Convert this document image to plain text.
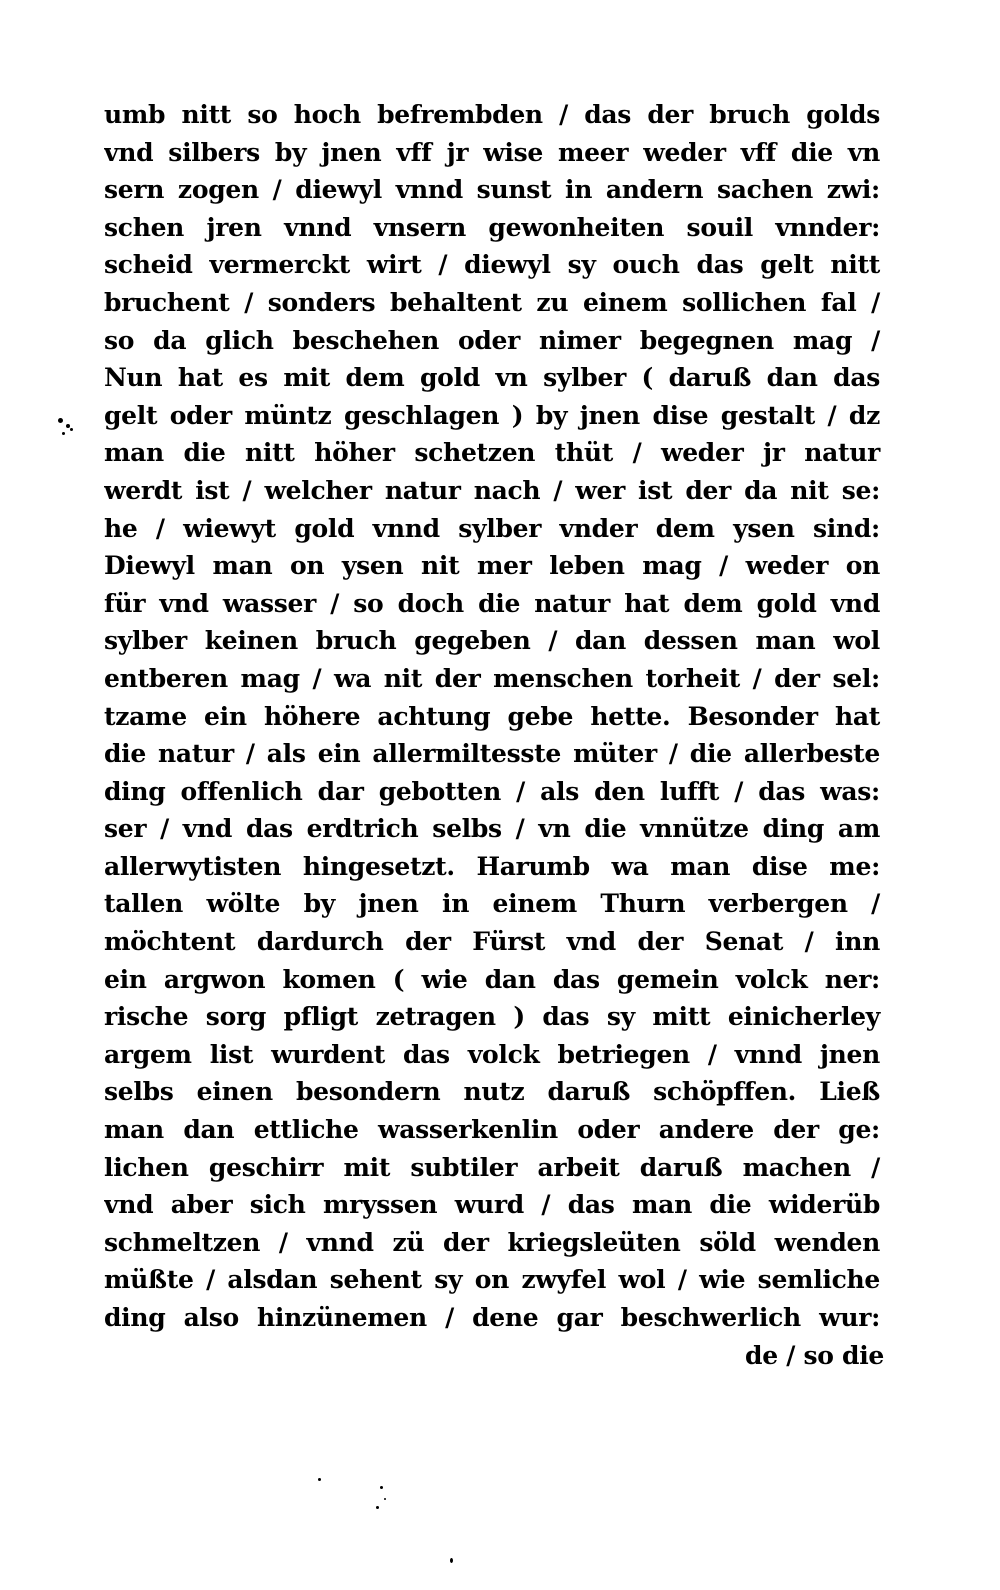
umb nitt so hoch befrembden / das der bruch golds
vnd silbers by jnen vff jr wise meer weder vff die vn
sern zogen / diewyl vnnd sunst in andern sachen zwi:
schen jren vnnd vnsern gewonheiten souil vnnder:
scheid vermerckt wirt / diewyl sy ouch das gelt nitt
bruchent / sonders behaltent zu einem sollichen fal /
so da glich beschehen oder nimer begegnen mag /
Nun hat es mit dem gold vn sylber ( daruß dan das
gelt oder müntz geschlagen ) by jnen dise gestalt / dz
man die nitt höher schetzen thüt / weder jr natur
werdt ist / welcher natur nach / wer ist der da nit se:
he / wiewyt gold vnnd sylber vnder dem ysen sind:
Diewyl man on ysen nit mer leben mag / weder on
für vnd wasser / so doch die natur hat dem gold vnd
sylber keinen bruch gegeben / dan dessen man wol
entberen mag / wa nit der menschen torheit / der sel:
tzame ein höhere achtung gebe hette. Besonder hat
die natur / als ein allermiltesste müter / die allerbeste
ding offenlich dar gebotten / als den lufft / das was:
ser / vnd das erdtrich selbs / vn die vnnütze ding am
allerwytisten hingesetzt. Harumb wa man dise me:
tallen wölte by jnen in einem Thurn verbergen /
möchtent dardurch der Fürst vnd der Senat / inn
ein argwon komen ( wie dan das gemein volck ner:
rische sorg pfligt zetragen ) das sy mitt einicherley
argem list wurdent das volck betriegen / vnnd jnen
selbs einen besondern nutz daruß schöpffen. Ließ
man dan ettliche wasserkenlin oder andere der ge:
lichen geschirr mit subtiler arbeit daruß machen /
vnd aber sich mryssen wurd / das man die widerüb
schmeltzen / vnnd zü der kriegsleüten söld wenden
müßte / alsdan sehent sy on zwyfel wol / wie semliche
ding also hinzünemen / dene gar beschwerlich wur:
de / so die
